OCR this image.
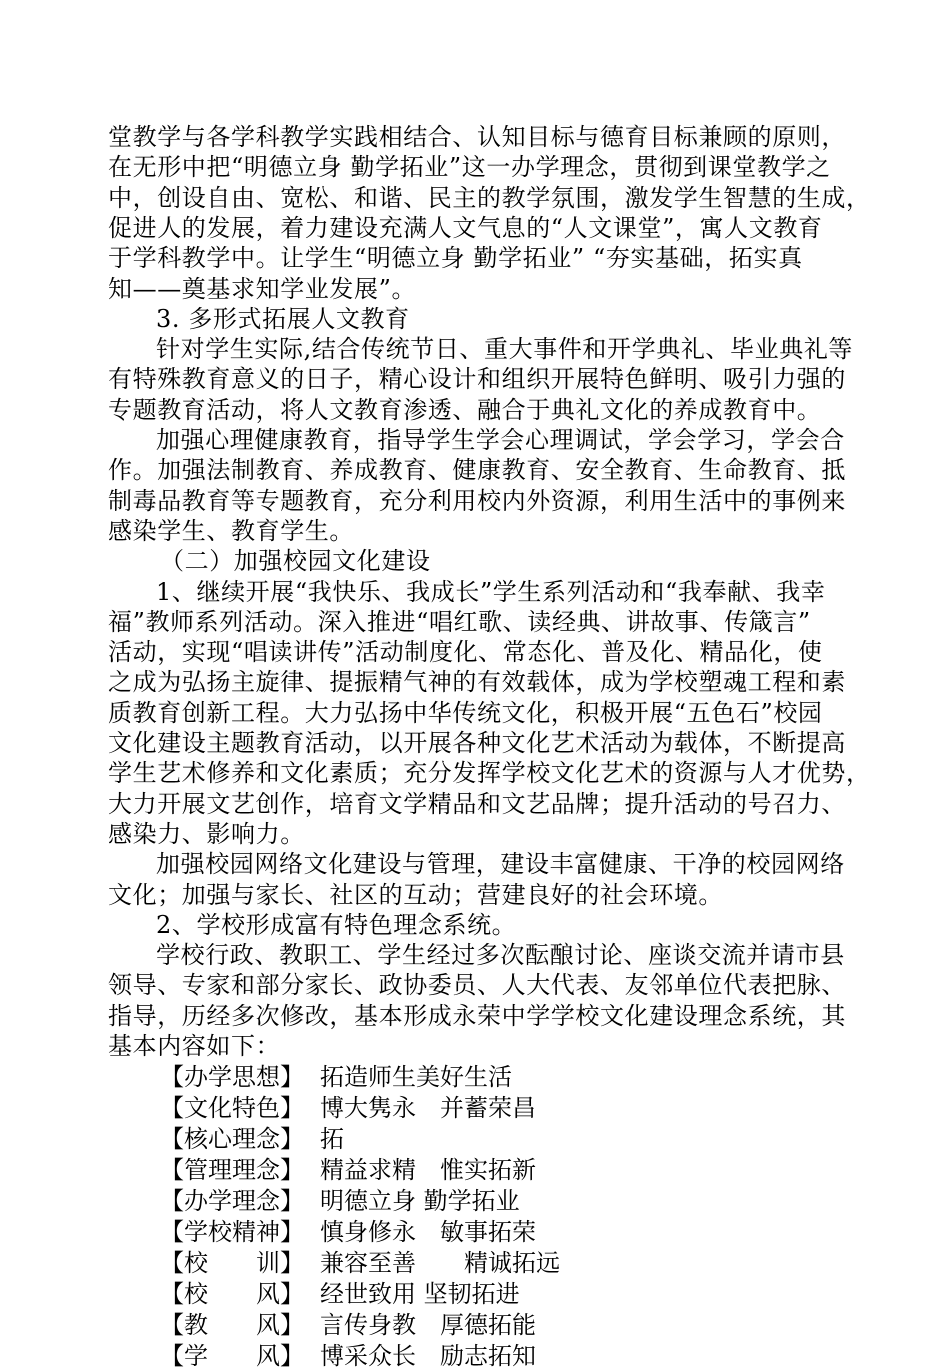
堂教学与各学科教学实践相结合、认知目标与德育目标兼顾的原则，
在无形中把“明德立身 勤学拓业”这一办学理念，贯彻到课堂教学之
中，创设自由、宽松、和谐、民主的教学氛围，激发学生智慧的生成，
促进人的发展，着力建设充满人文气息的“人文课堂”，寓人文教育
于学科教学中。让学生“明德立身 勤学拓业” “夯实基础，拓实真
知——奠基求知学业发展”。
3. 多形式拓展人文教育
针对学生实际,结合传统节日、重大事件和开学典礼、毕业典礼等
有特殊教育意义的日子，精心设计和组织开展特色鲜明、吸引力强的
专题教育活动，将人文教育渗透、融合于典礼文化的养成教育中。
加强心理健康教育，指导学生学会心理调试，学会学习，学会合
作。加强法制教育、养成教育、健康教育、安全教育、生命教育、抵
制毒品教育等专题教育，充分利用校内外资源，利用生活中的事例来
感染学生、教育学生。
（二）加强校园文化建设
1、继续开展“我快乐、我成长”学生系列活动和“我奉献、我幸
福”教师系列活动。深入推进“唱红歌、读经典、讲故事、传箴言”
活动，实现“唱读讲传”活动制度化、常态化、普及化、精品化，使
之成为弘扬主旋律、提振精气神的有效载体，成为学校塑魂工程和素
质教育创新工程。大力弘扬中华传统文化，积极开展“五色石”校园
文化建设主题教育活动，以开展各种文化艺术活动为载体，不断提高
学生艺术修养和文化素质；充分发挥学校文化艺术的资源与人才优势，
大力开展文艺创作，培育文学精品和文艺品牌；提升活动的号召力、
感染力、影响力。
加强校园网络文化建设与管理，建设丰富健康、干净的校园网络
文化；加强与家长、社区的互动；营建良好的社会环境。
2、学校形成富有特色理念系统。
学校行政、教职工、学生经过多次酝酿讨论、座谈交流并请市县
领导、专家和部分家长、政协委员、人大代表、友邻单位代表把脉、
指导，历经多次修改，基本形成永荣中学学校文化建设理念系统，其
基本内容如下：
【办学思想】 拓造师生美好生活
【文化特色】 博大隽永　并蓄荣昌
【核心理念】 拓
【管理理念】 精益求精　惟实拓新
【办学理念】 明德立身 勤学拓业
【学校精神】 慎身修永　敏事拓荣
【校　　训】 兼容至善　　精诚拓远
【校　　风】 经世致用 坚韧拓进
【教　　风】 言传身教　厚德拓能
【学　　风】 博采众长　励志拓知
